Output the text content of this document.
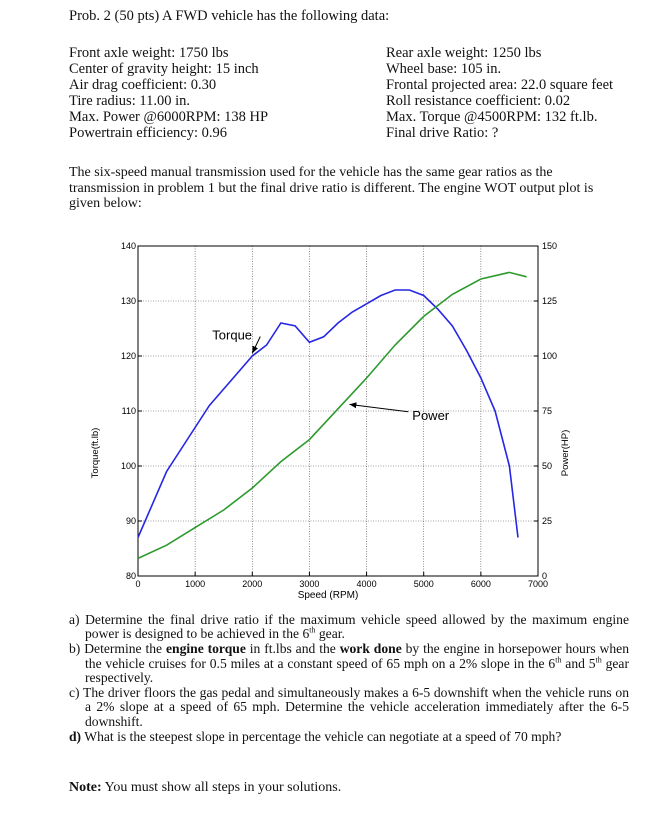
Prob. 2 (50 pts) A FWD vehicle has the following data:
Front axle weight: 1750 lbs
Center of gravity height: 15 inch
Air drag coefficient: 0.30
Tire radius: 11.00 in.
Max. Power @6000RPM: 138 HP
Powertrain efficiency: 0.96
Rear axle weight: 1250 lbs
Wheel base: 105 in.
Frontal projected area: 22.0 square feet
Roll resistance coefficient: 0.02
Max. Torque @4500RPM: 132 ft.lb.
Final drive Ratio: ?
The six-speed manual transmission used for the vehicle has the same gear ratios as the transmission in problem 1 but the final drive ratio is different. The engine WOT output plot is given below:
0	1000	2000	3000	4000	5000	6000	7000
80
90
100
110
120
130
140
0
25
50
75
100
125
150
Torque
Power
Speed (RPM)
Torque(ft.lb)	Power(HP)
a) Determine the final drive ratio if the maximum vehicle speed allowed by the maximum engine power is designed to be achieved in the 6th gear.
b) Determine the engine torque in ft.lbs and the work done by the engine in horsepower hours when the vehicle cruises for 0.5 miles at a constant speed of 65 mph on a 2% slope in the 6th and 5th gear respectively.
c) The driver floors the gas pedal and simultaneously makes a 6-5 downshift when the vehicle runs on a 2% slope at a speed of 65 mph. Determine the vehicle acceleration immediately after the 6-5 downshift.
d) What is the steepest slope in percentage the vehicle can negotiate at a speed of 70 mph?
Note: You must show all steps in your solutions.
